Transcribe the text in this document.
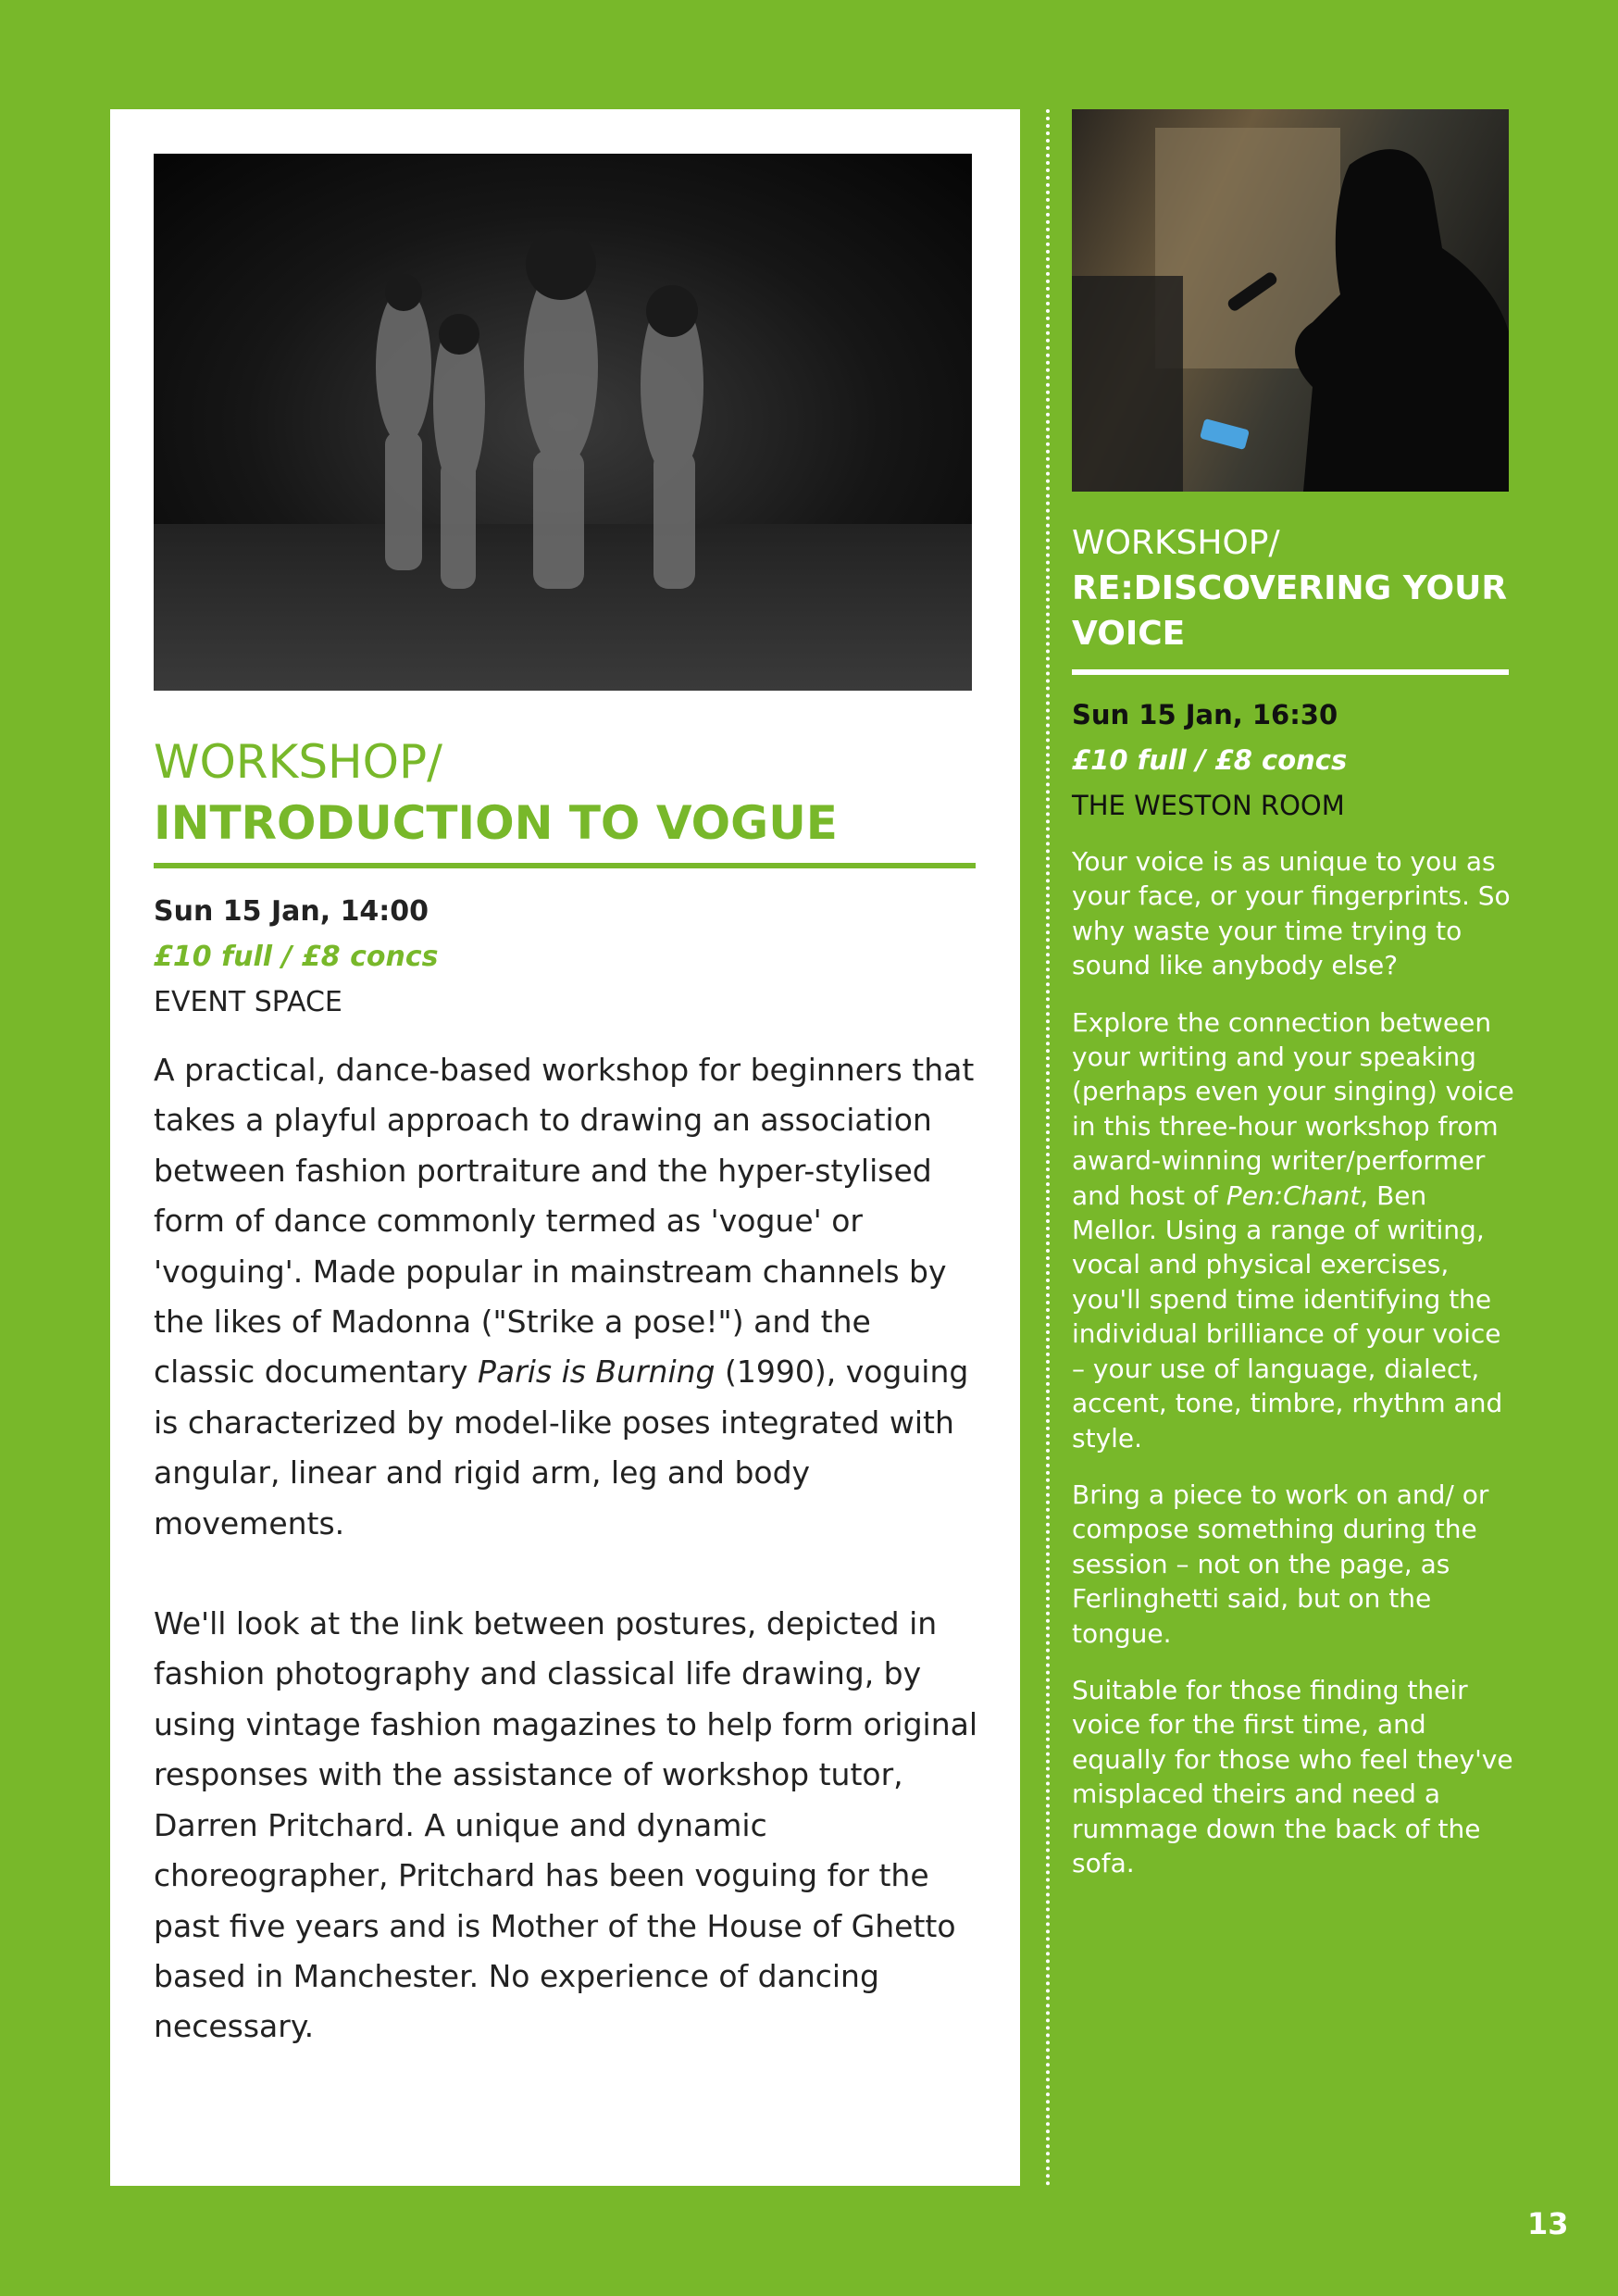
WORKSHOP/
INTRODUCTION TO VOGUE
Sun 15 Jan, 14:00
£10 full / £8 concs
EVENT SPACE

A practical, dance-based workshop for beginners that takes a playful approach to drawing an association between fashion portraiture and the hyper-stylised form of dance commonly termed as 'vogue' or 'voguing'. Made popular in mainstream channels by the likes of Madonna ("Strike a pose!") and the classic documentary Paris is Burning (1990), voguing is characterized by model-like poses integrated with angular, linear and rigid arm, leg and body movements.

We'll look at the link between postures, depicted in fashion photography and classical life drawing, by using vintage fashion magazines to help form original responses with the assistance of workshop tutor, Darren Pritchard. A unique and dynamic choreographer, Pritchard has been voguing for the past five years and is Mother of the House of Ghetto based in Manchester. No experience of dancing necessary.

WORKSHOP/
RE:DISCOVERING YOUR VOICE
Sun 15 Jan, 16:30
£10 full / £8 concs
THE WESTON ROOM

Your voice is as unique to you as your face, or your fingerprints. So why waste your time trying to sound like anybody else?

Explore the connection between your writing and your speaking (perhaps even your singing) voice in this three-hour workshop from award-winning writer/performer and host of Pen:Chant, Ben Mellor. Using a range of writing, vocal and physical exercises, you'll spend time identifying the individual brilliance of your voice – your use of language, dialect, accent, tone, timbre, rhythm and style.

Bring a piece to work on and/ or compose something during the session – not on the page, as Ferlinghetti said, but on the tongue.

Suitable for those finding their voice for the first time, and equally for those who feel they've misplaced theirs and need a rummage down the back of the sofa.

13
